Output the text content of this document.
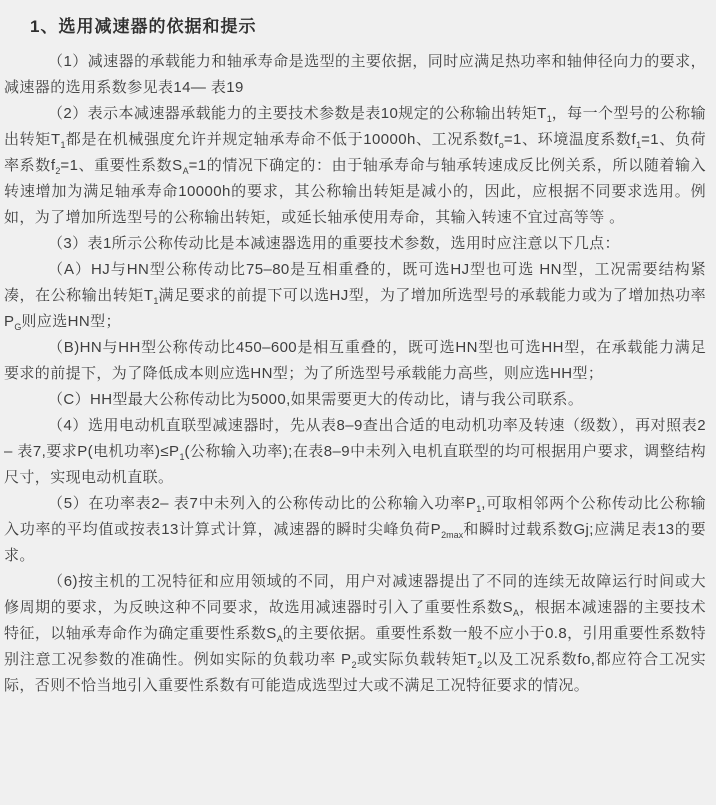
1、选用减速器的依据和提示

（1）减速器的承载能力和轴承寿命是选型的主要依据，同时应满足热功率和轴伸径向力的要求，减速器的选用系数参见表14— 表19

（2）表示本减速器承载能力的主要技术参数是表10规定的公称输出转矩$T_1$，每一个型号的公称输出转矩$T_1$都是在机械强度允许并规定轴承寿命不低于10000h、工况系数$f_o=1$、环境温度系数$f_1=1$、负荷率系数$f_2=1$、重要性系数$S_A=1$的情况下确定的：由于轴承寿命与轴承转速成反比例关系，所以随着输入转速增加为满足轴承寿命10000h的要求，其公称输出转矩是减小的，因此，应根据不同要求选用。例如，为了增加所选型号的公称输出转矩，或延长轴承使用寿命，其输入转速不宜过高等等 。

（3）表1所示公称传动比是本减速器选用的重要技术参数，选用时应注意以下几点：

（A）HJ与HN型公称传动比75–80是互相重叠的，既可选HJ型也可选 HN型，工况需要结构紧凑，在公称输出转矩$T_1$满足要求的前提下可以选HJ型，为了增加所选型号的承载能力或为了增加热功率$P_G$则应选HN型；

（B)HN与HH型公称传动比450–600是相互重叠的，既可选HN型也可选HH型，在承载能力满足要求的前提下，为了降低成本则应选HN型；为了所选型号承载能力高些，则应选HH型；

（C）HH型最大公称传动比为5000,如果需要更大的传动比，请与我公司联系。

（4）选用电动机直联型减速器时，先从表8–9查出合适的电动机功率及转速（级数），再对照表2– 表7,要求P(电机功率)$\le P_1$(公称输入功率);在表8–9中未列入电机直联型的均可根据用户要求，调整结构尺寸，实现电动机直联。

（5）在功率表2– 表7中未列入的公称传动比的公称输入功率$P_1$,可取相邻两个公称传动比公称输入功率的平均值或按表13计算式计算，减速器的瞬时尖峰负荷$P_{2max}$和瞬时过载系数Gj;应满足表13的要求。

（6)按主机的工况特征和应用领域的不同，用户对减速器提出了不同的连续无故障运行时间或大修周期的要求，为反映这种不同要求，故选用减速器时引入了重要性系数$S_A$，根据本减速器的主要技术特征，以轴承寿命作为确定重要性系数$S_A$的主要依据。重要性系数一般不应小于0.8，引用重要性系数特别注意工况参数的准确性。例如实际的负载功率 $P_2$或实际负载转矩$T_2$以及工况系数fo,都应符合工况实际，否则不恰当地引入重要性系数有可能造成选型过大或不满足工况特征要求的情况。
